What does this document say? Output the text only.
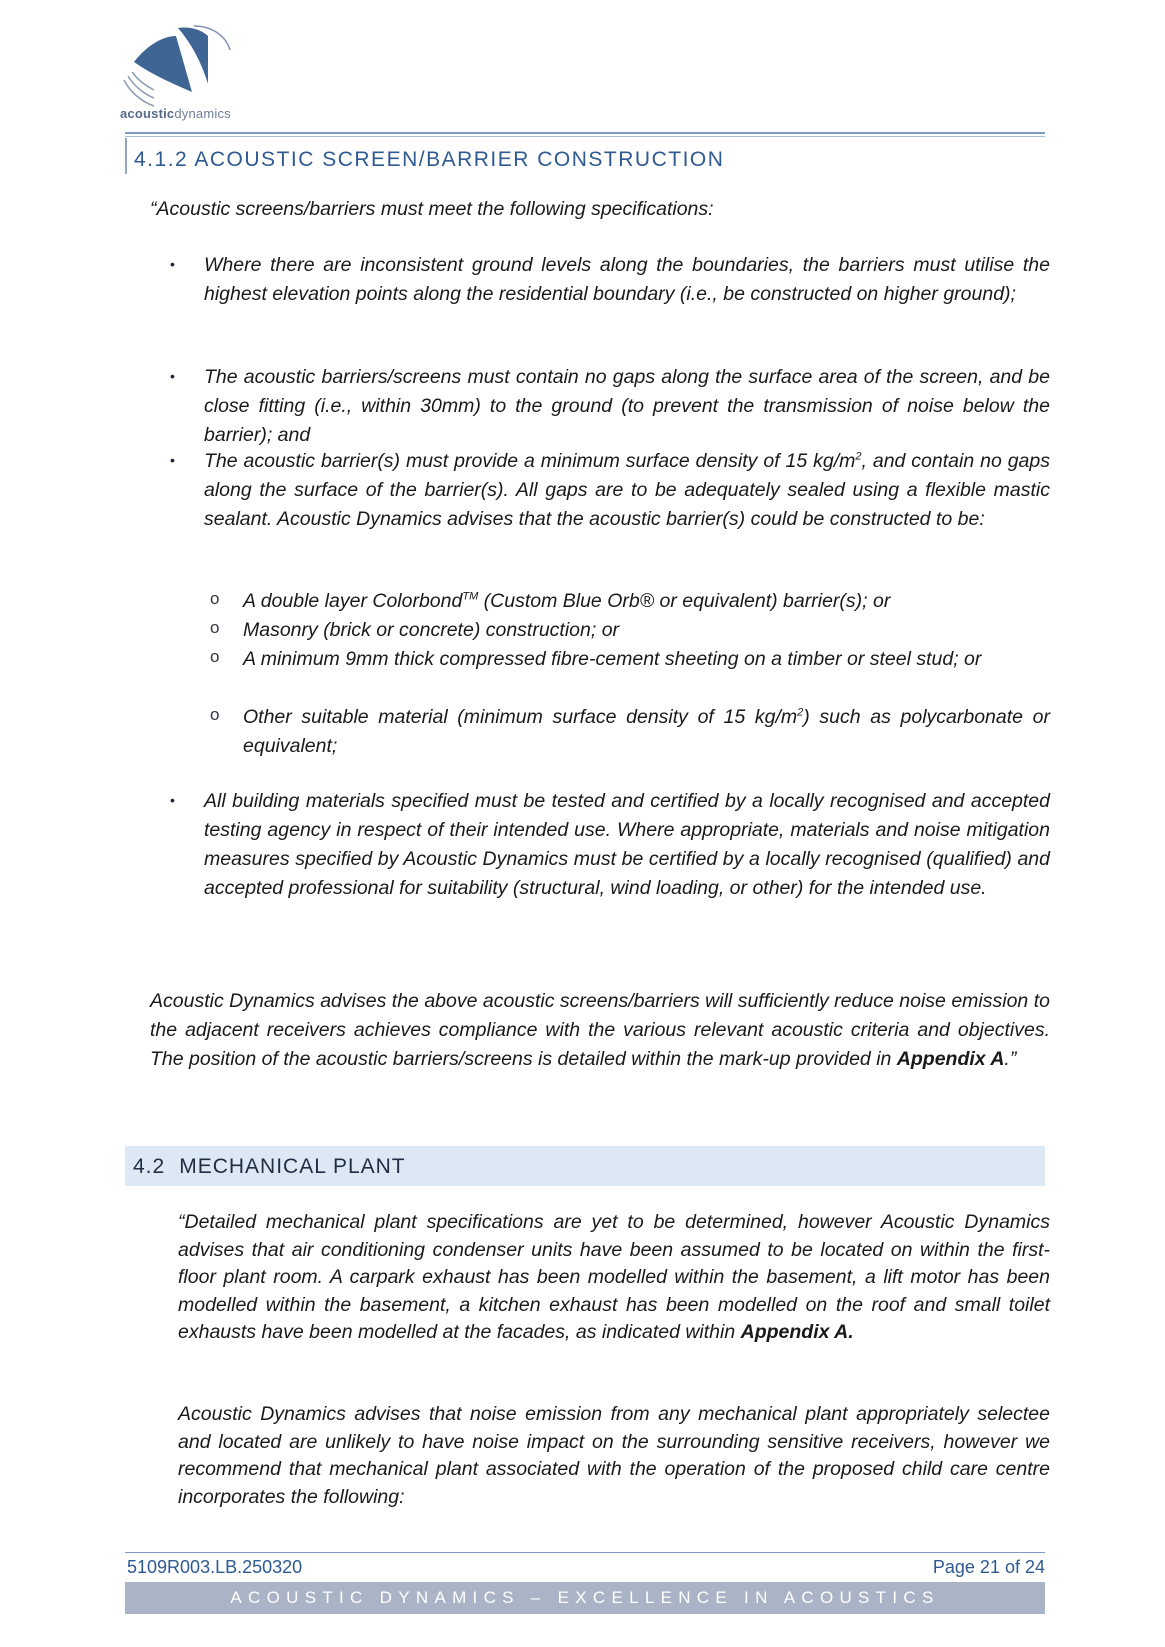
acousticdynamics
4.1.2 ACOUSTIC SCREEN/BARRIER CONSTRUCTION

“Acoustic screens/barriers must meet the following specifications:

• Where there are inconsistent ground levels along the boundaries, the barriers must utilise the highest elevation points along the residential boundary (i.e., be constructed on higher ground);

• The acoustic barriers/screens must contain no gaps along the surface area of the screen, and be close fitting (i.e., within 30mm) to the ground (to prevent the transmission of noise below the barrier); and

• The acoustic barrier(s) must provide a minimum surface density of 15 $kg/m^2$, and contain no gaps along the surface of the barrier(s). All gaps are to be adequately sealed using a flexible mastic sealant. Acoustic Dynamics advises that the acoustic barrier(s) could be constructed to be:

o A double layer Colorbond™ (Custom Blue Orb® or equivalent) barrier(s); or

o Masonry (brick or concrete) construction; or

o A minimum 9mm thick compressed fibre-cement sheeting on a timber or steel stud; or

o Other suitable material (minimum surface density of 15 $kg/m^2$) such as polycarbonate or equivalent;

• All building materials specified must be tested and certified by a locally recognised and accepted testing agency in respect of their intended use. Where appropriate, materials and noise mitigation measures specified by Acoustic Dynamics must be certified by a locally recognised (qualified) and accepted professional for suitability (structural, wind loading, or other) for the intended use.

Acoustic Dynamics advises the above acoustic screens/barriers will sufficiently reduce noise emission to the adjacent receivers achieves compliance with the various relevant acoustic criteria and objectives. The position of the acoustic barriers/screens is detailed within the mark-up provided in Appendix A.”

4.2 MECHANICAL PLANT

“Detailed mechanical plant specifications are yet to be determined, however Acoustic Dynamics advises that air conditioning condenser units have been assumed to be located on within the first-floor plant room. A carpark exhaust has been modelled within the basement, a lift motor has been modelled within the basement, a kitchen exhaust has been modelled on the roof and small toilet exhausts have been modelled at the facades, as indicated within Appendix A.

Acoustic Dynamics advises that noise emission from any mechanical plant appropriately selectee and located are unlikely to have noise impact on the surrounding sensitive receivers, however we recommend that mechanical plant associated with the operation of the proposed child care centre incorporates the following:

5109R003.LB.250320	Page 21 of 24
ACOUSTIC DYNAMICS – EXCELLENCE IN ACOUSTICS
